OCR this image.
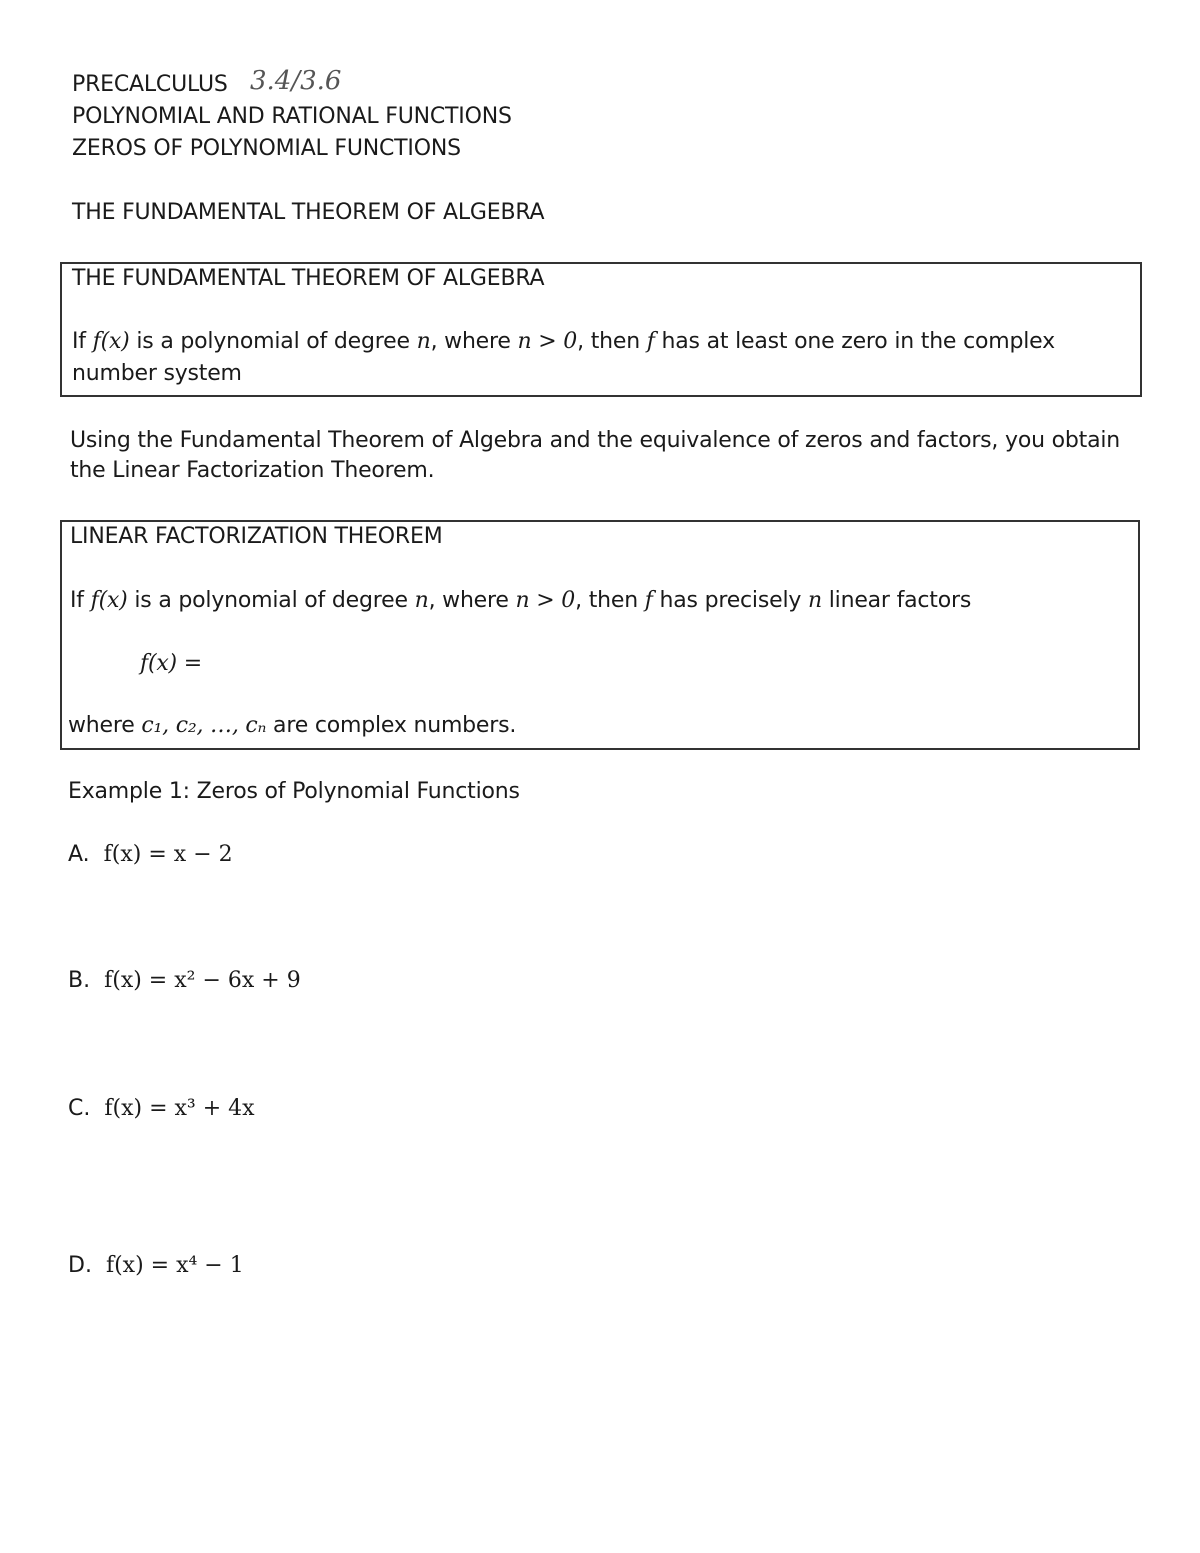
PRECALCULUS 3.4/3.6
POLYNOMIAL AND RATIONAL FUNCTIONS
ZEROS OF POLYNOMIAL FUNCTIONS
THE FUNDAMENTAL THEOREM OF ALGEBRA
THE FUNDAMENTAL THEOREM OF ALGEBRA
If f(x) is a polynomial of degree n, where n > 0, then f has at least one zero in the complex
number system
Using the Fundamental Theorem of Algebra and the equivalence of zeros and factors, you obtain
the Linear Factorization Theorem.
LINEAR FACTORIZATION THEOREM
If f(x) is a polynomial of degree n, where n > 0, then f has precisely n linear factors
f(x) =
where c₁, c₂, …, cₙ are complex numbers.
Example 1: Zeros of Polynomial Functions
A. f(x) = x − 2
B. f(x) = x² − 6x + 9
C. f(x) = x³ + 4x
D. f(x) = x⁴ − 1
